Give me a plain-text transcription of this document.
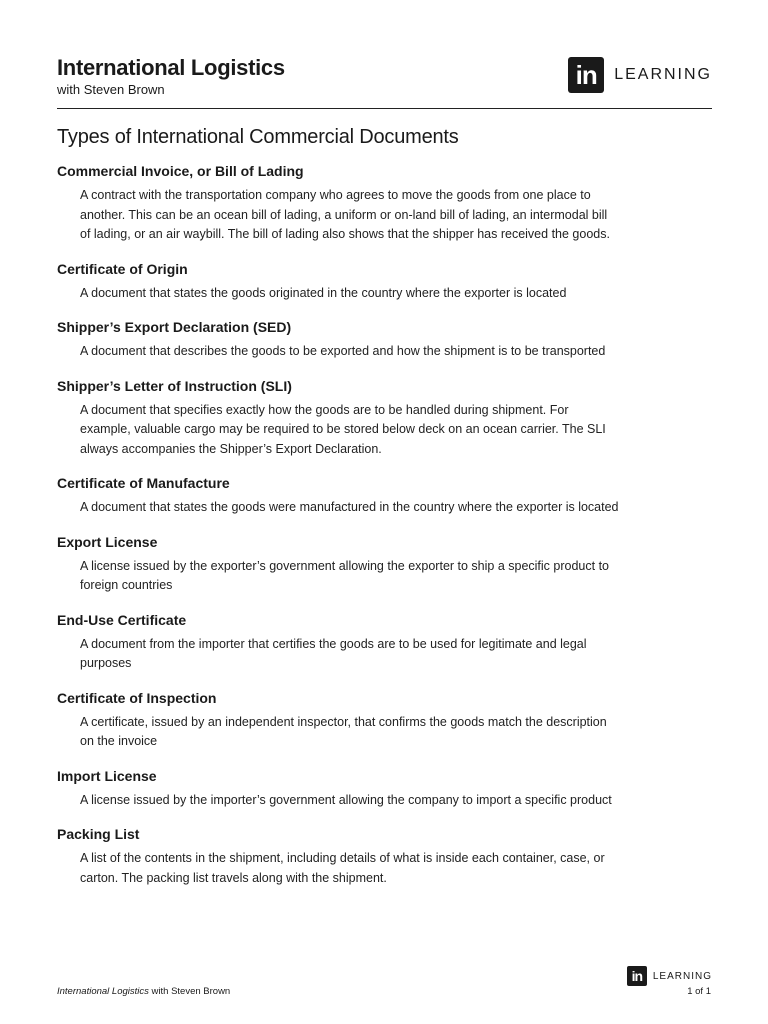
International Logistics
with Steven Brown	in	LEARNING
Types of International Commercial Documents
Commercial Invoice, or Bill of Lading

A contract with the transportation company who agrees to move the goods from one place to another. This can be an ocean bill of lading, a uniform or on-land bill of lading, an intermodal bill of lading, or an air waybill. The bill of lading also shows that the shipper has received the goods.

Certificate of Origin

A document that states the goods originated in the country where the exporter is located

Shipper’s Export Declaration (SED)

A document that describes the goods to be exported and how the shipment is to be transported

Shipper’s Letter of Instruction (SLI)

A document that specifies exactly how the goods are to be handled during shipment. For example, valuable cargo may be required to be stored below deck on an ocean carrier. The SLI always accompanies the Shipper’s Export Declaration.

Certificate of Manufacture

A document that states the goods were manufactured in the country where the exporter is located

Export License

A license issued by the exporter’s government allowing the exporter to ship a specific product to foreign countries

End-Use Certificate

A document from the importer that certifies the goods are to be used for legitimate and legal purposes

Certificate of Inspection

A certificate, issued by an independent inspector, that confirms the goods match the description on the invoice

Import License

A license issued by the importer’s government allowing the company to import a specific product

Packing List

A list of the contents in the shipment, including details of what is inside each container, case, or carton. The packing list travels along with the shipment.

in	LEARNING
International Logistics with Steven Brown	1 of 1
